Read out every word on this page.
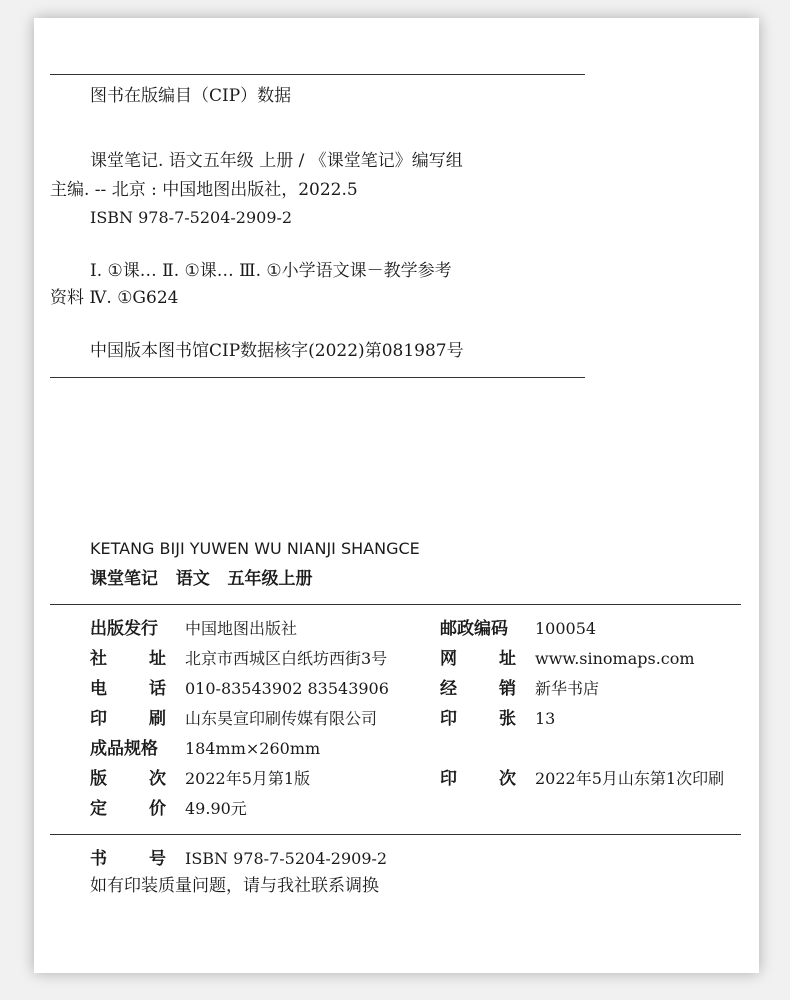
图书在版编目（CIP）数据
课堂笔记. 语文五年级 上册 / 《课堂笔记》编写组
主编. -- 北京 : 中国地图出版社，2022.5
ISBN 978-7-5204-2909-2
Ⅰ. ①课… Ⅱ. ①课… Ⅲ. ①小学语文课－教学参考
资料 Ⅳ. ①G624
中国版本图书馆CIP数据核字(2022)第081987号
KETANG BIJI YUWEN WU NIANJI SHANGCE
课堂笔记   语文   五年级上册
出版发行 中国地图出版社	邮政编码 100054
社 址 北京市西城区白纸坊西街3号	网 址 www.sinomaps.com
电 话 010-83543902 83543906	经 销 新华书店
印 刷 山东昊宣印刷传媒有限公司	印 张 13
成品规格 184mm×260mm
版 次 2022年5月第1版	印 次 2022年5月山东第1次印刷
定 价 49.90元
书 号 ISBN 978-7-5204-2909-2
如有印装质量问题，请与我社联系调换
